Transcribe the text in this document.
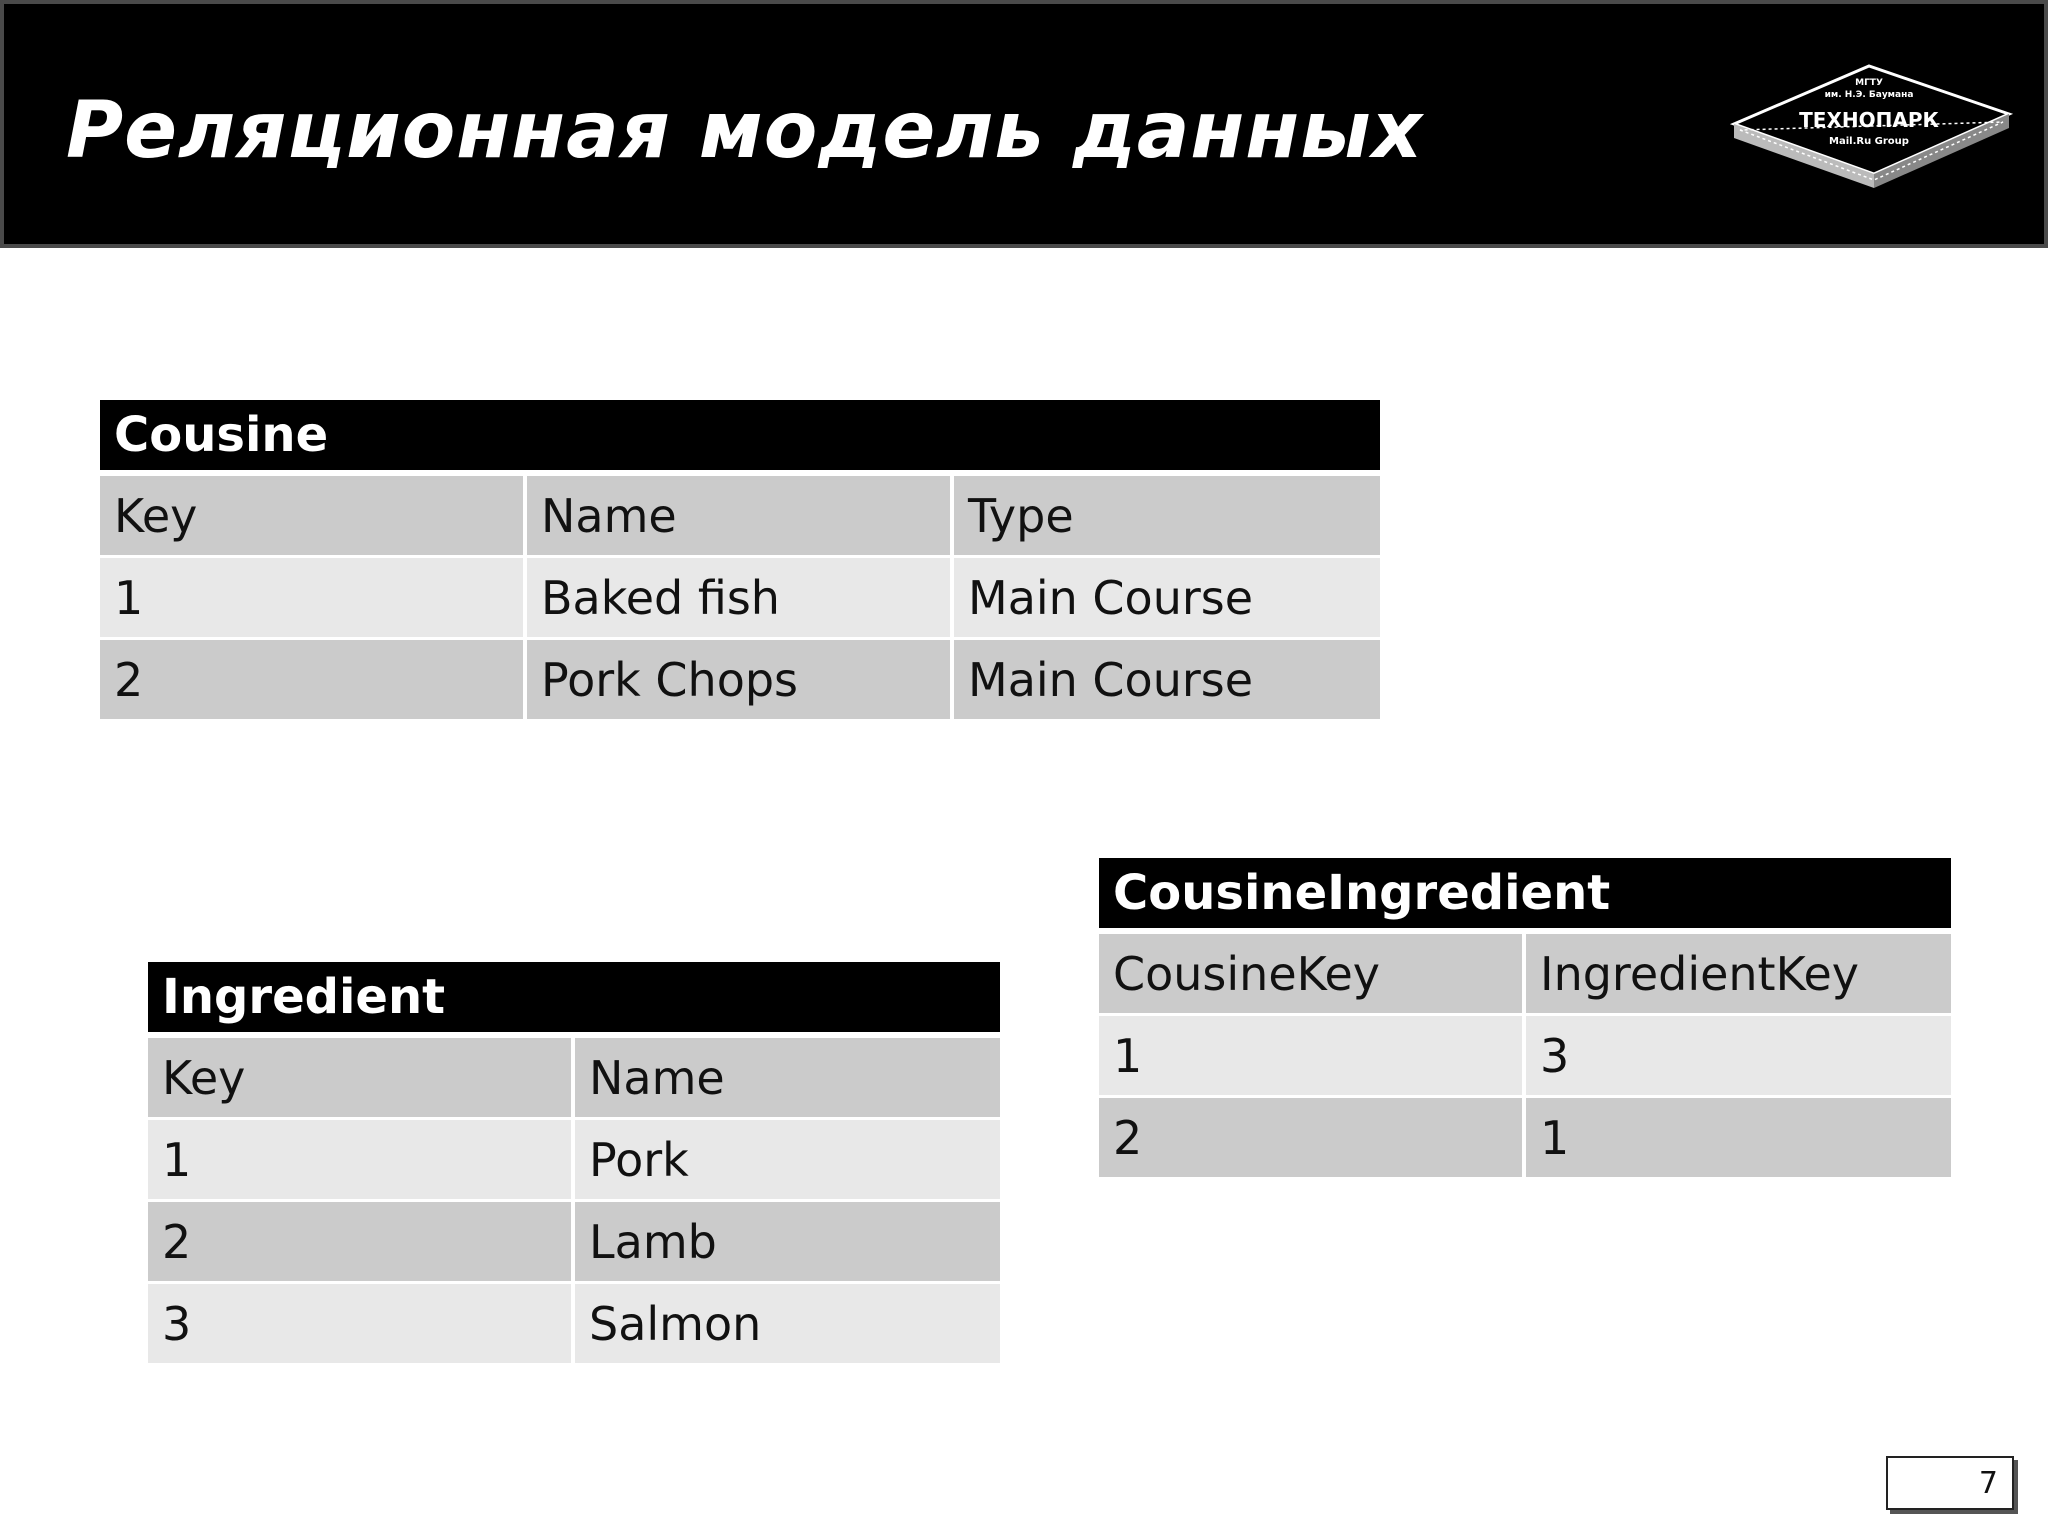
Реляционная модель данных
МГТУ
им. Н.Э. Баумана
ТЕХНОПАРК
Mail.Ru Group
Cousine		
Key	Name	Type
1	Baked fish	Main Course
2	Pork Chops	Main Course
CousineIngredient	
CousineKey	IngredientKey
1	3
2	1
Ingredient	
Key	Name
1	Pork
2	Lamb
3	Salmon
7
